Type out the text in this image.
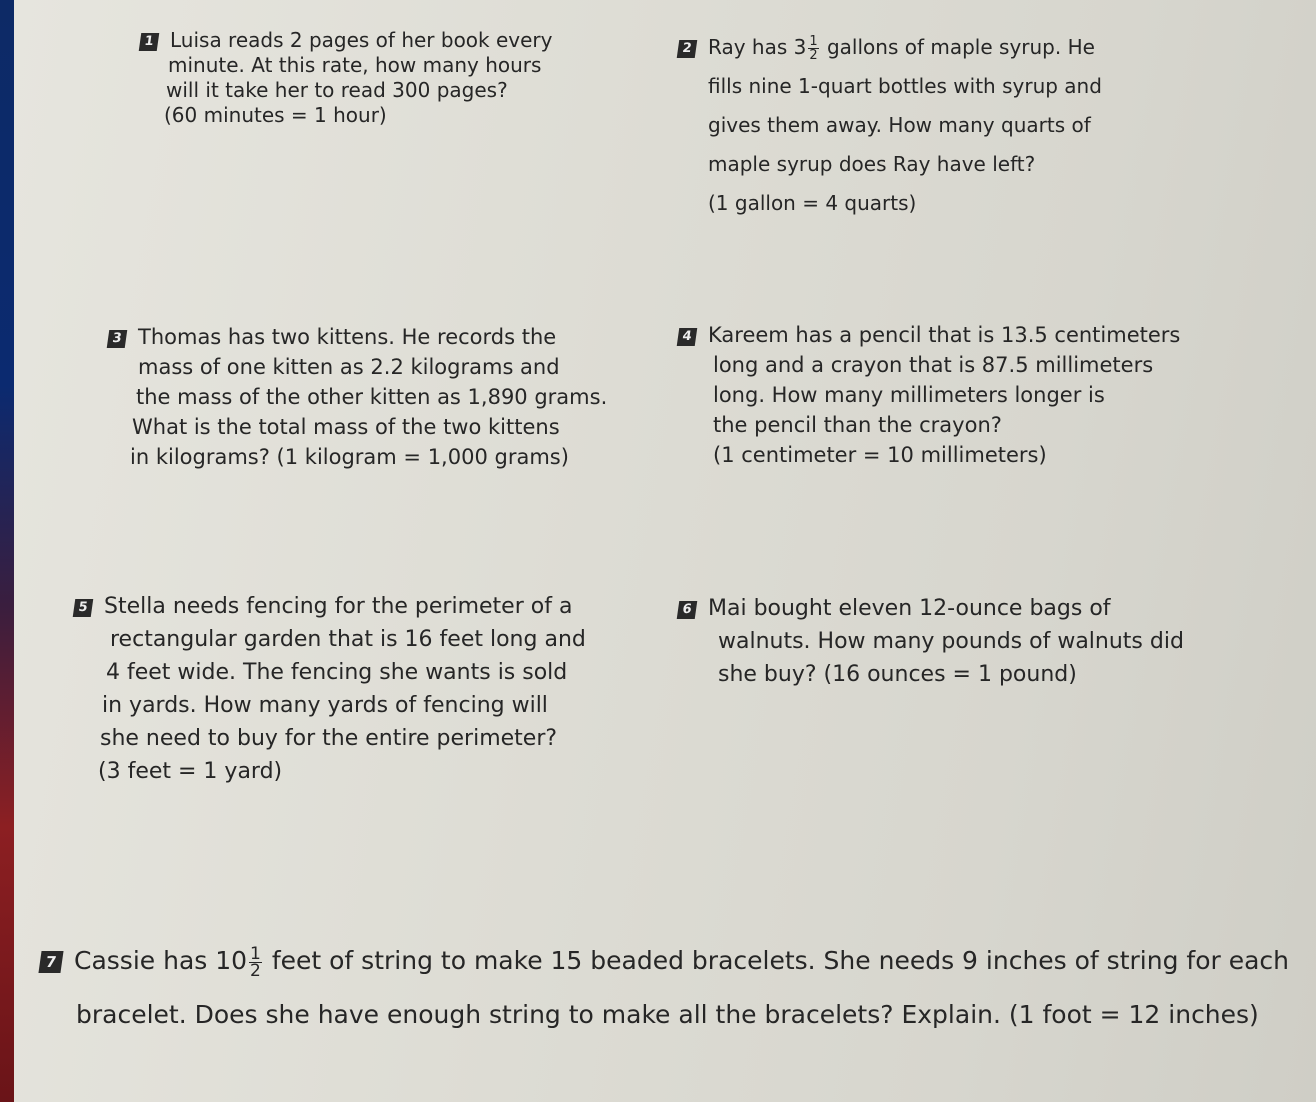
1 Luisa reads 2 pages of her book every

minute. At this rate, how many hours

will it take her to read 300 pages?

(60 minutes = 1 hour)

2 Ray has $3 \frac{1}{2}$ gallons of maple syrup. He

fills nine 1-quart bottles with syrup and

gives them away. How many quarts of

maple syrup does Ray have left?

(1 gallon = 4 quarts)

3 Thomas has two kittens. He records the

mass of one kitten as 2.2 kilograms and

the mass of the other kitten as 1,890 grams.

What is the total mass of the two kittens

in kilograms? (1 kilogram = 1,000 grams)

4 Kareem has a pencil that is 13.5 centimeters

long and a crayon that is 87.5 millimeters

long. How many millimeters longer is

the pencil than the crayon?

(1 centimeter = 10 millimeters)

5 Stella needs fencing for the perimeter of a

rectangular garden that is 16 feet long and

4 feet wide. The fencing she wants is sold

in yards. How many yards of fencing will

she need to buy for the entire perimeter?

(3 feet = 1 yard)

6 Mai bought eleven 12-ounce bags of

walnuts. How many pounds of walnuts did

she buy? (16 ounces = 1 pound)

7 Cassie has $10 \frac{1}{2}$ feet of string to make 15 beaded bracelets. She needs 9 inches of string for each

bracelet. Does she have enough string to make all the bracelets? Explain. (1 foot = 12 inches)
